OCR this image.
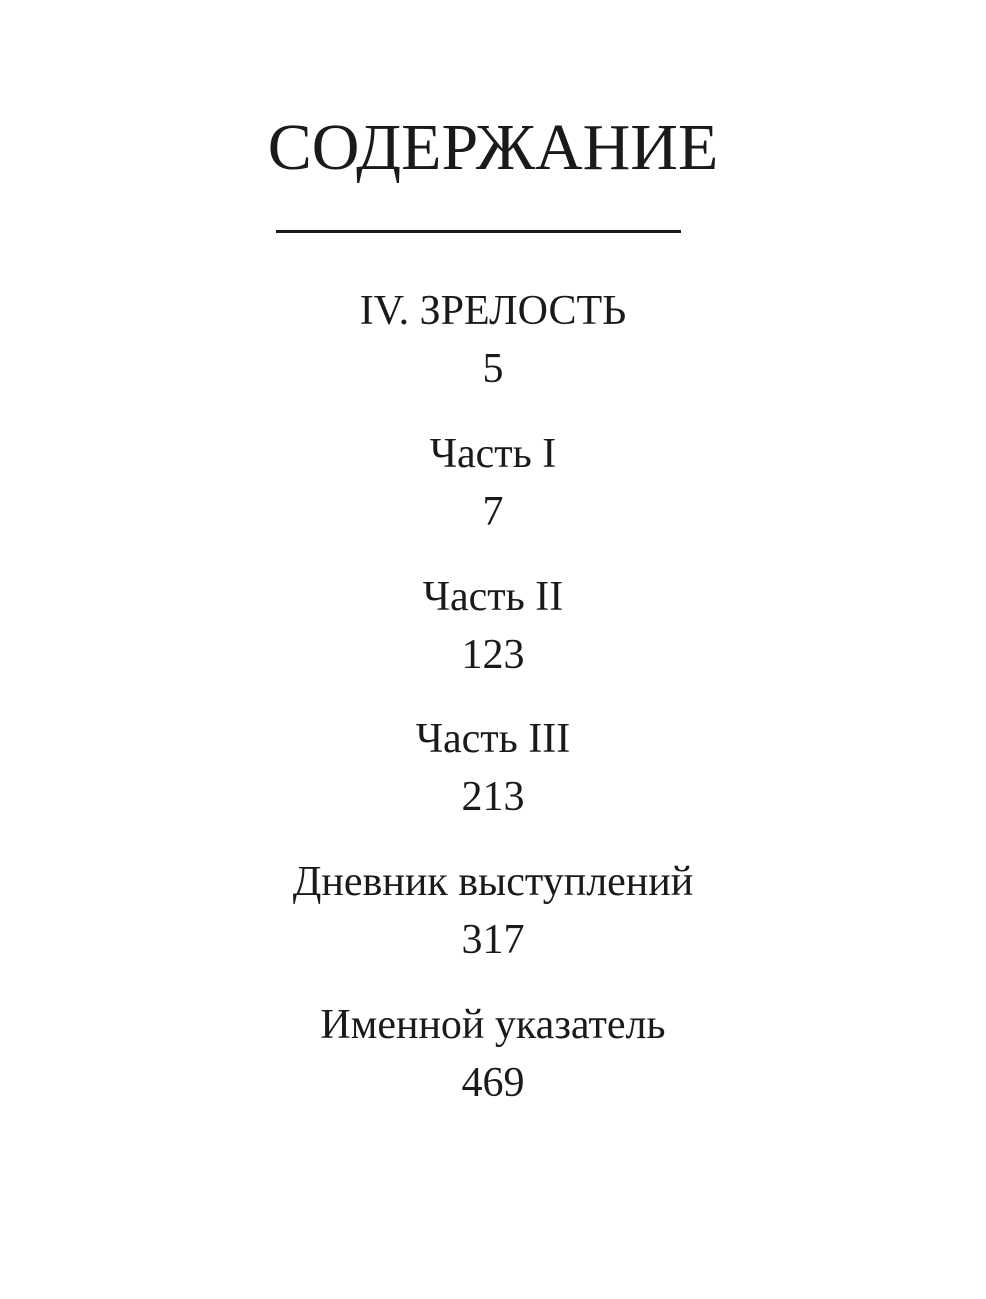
СОДЕРЖАНИЕ
IV. ЗРЕЛОСТЬ
5
Часть I
7
Часть II
123
Часть III
213
Дневник выступлений
317
Именной указатель
469
